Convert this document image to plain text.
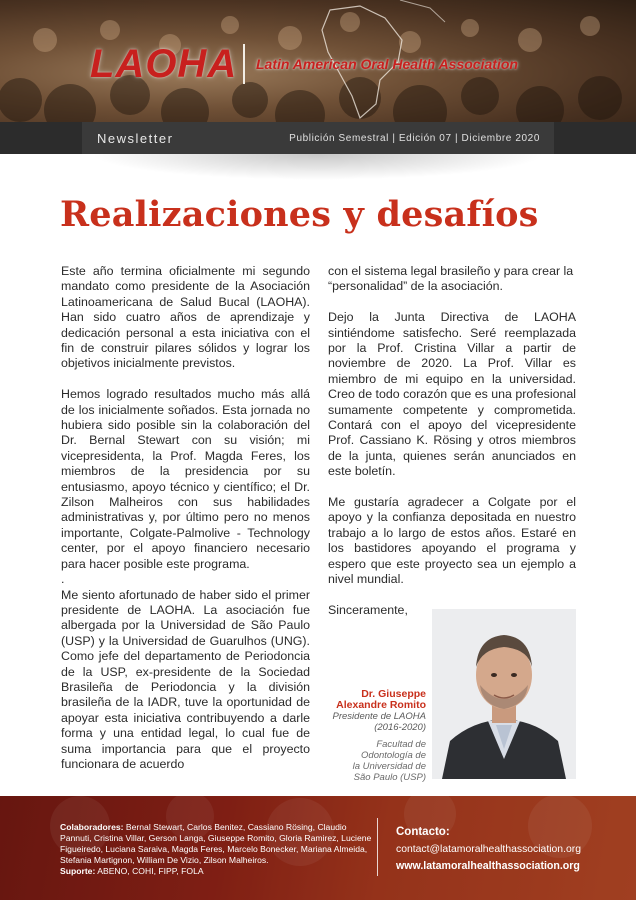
LAOHA Latin American Oral Health Association
Newsletter	Publición Semestral | Edición 07 | Diciembre 2020
Realizaciones y desafíos

Este año termina oficialmente mi segundo mandato como presidente de la Asociación Latinoamericana de Salud Bucal (LAOHA). Han sido cuatro años de aprendizaje y dedicación personal a esta iniciativa con el fin de construir pilares sólidos y lograr los objetivos inicialmente previstos.

Hemos logrado resultados mucho más allá de los inicialmente soñados. Esta jornada no hubiera sido posible sin la colaboración del Dr. Bernal Stewart con su visión; mi vicepresidenta, la Prof. Magda Feres, los miembros de la presidencia por su entusiasmo, apoyo técnico y científico; el Dr. Zilson Malheiros con sus habilidades administrativas y, por último pero no menos importante, Colgate-Palmolive - Technology center, por el apoyo financiero necesario para hacer posible este programa.

.

Me siento afortunado de haber sido el primer presidente de LAOHA. La asociación fue albergada por la Universidad de São Paulo (USP) y la Universidad de Guarulhos (UNG). Como jefe del departamento de Periodoncia de la USP, ex-presidente de la Sociedad Brasileña de Periodoncia y la división brasileña de la IADR, tuve la oportunidad de apoyar esta iniciativa contribuyendo a darle forma y una entidad legal, lo cual fue de suma importancia para que el proyecto funcionara de acuerdo

con el sistema legal brasileño y para crear la “personalidad” de la asociación.

Dejo la Junta Directiva de LAOHA sintiéndome satisfecho. Seré reemplazada por la Prof. Cristina Villar a partir de noviembre de 2020. La Prof. Villar es miembro de mi equipo en la universidad. Creo de todo corazón que es una profesional sumamente competente y comprometida. Contará con el apoyo del vicepresidente Prof. Cassiano K. Rösing y otros miembros de la junta, quienes serán anunciados en este boletín.

Me gustaría agradecer a Colgate por el apoyo y la confianza depositada en nuestro trabajo a lo largo de estos años. Estaré en los bastidores apoyando el programa y espero que este proyecto sea un ejemplo a nivel mundial.

Sinceramente,

Dr. Giuseppe
Alexandre Romito
Presidente de LAOHA
(2016-2020)
Facultad de
Odontología de
la Universidad de
São Paulo (USP)
Colaboradores: Bernal Stewart, Carlos Benitez, Cassiano Rösing, Claudio Pannuti, Cristina Villar, Gerson Langa, Giuseppe Romito, Gloria Ramirez, Luciene Figueiredo, Luciana Saraiva, Magda Feres, Marcelo Bonecker, Mariana Almeida, Stefania Martignon, William De Vizio, Zilson Malheiros.
Suporte: ABENO, COHI, FIPP, FOLA
Contacto:
contact@latamoralhealthassociation.org
www.latamoralhealthassociation.org
